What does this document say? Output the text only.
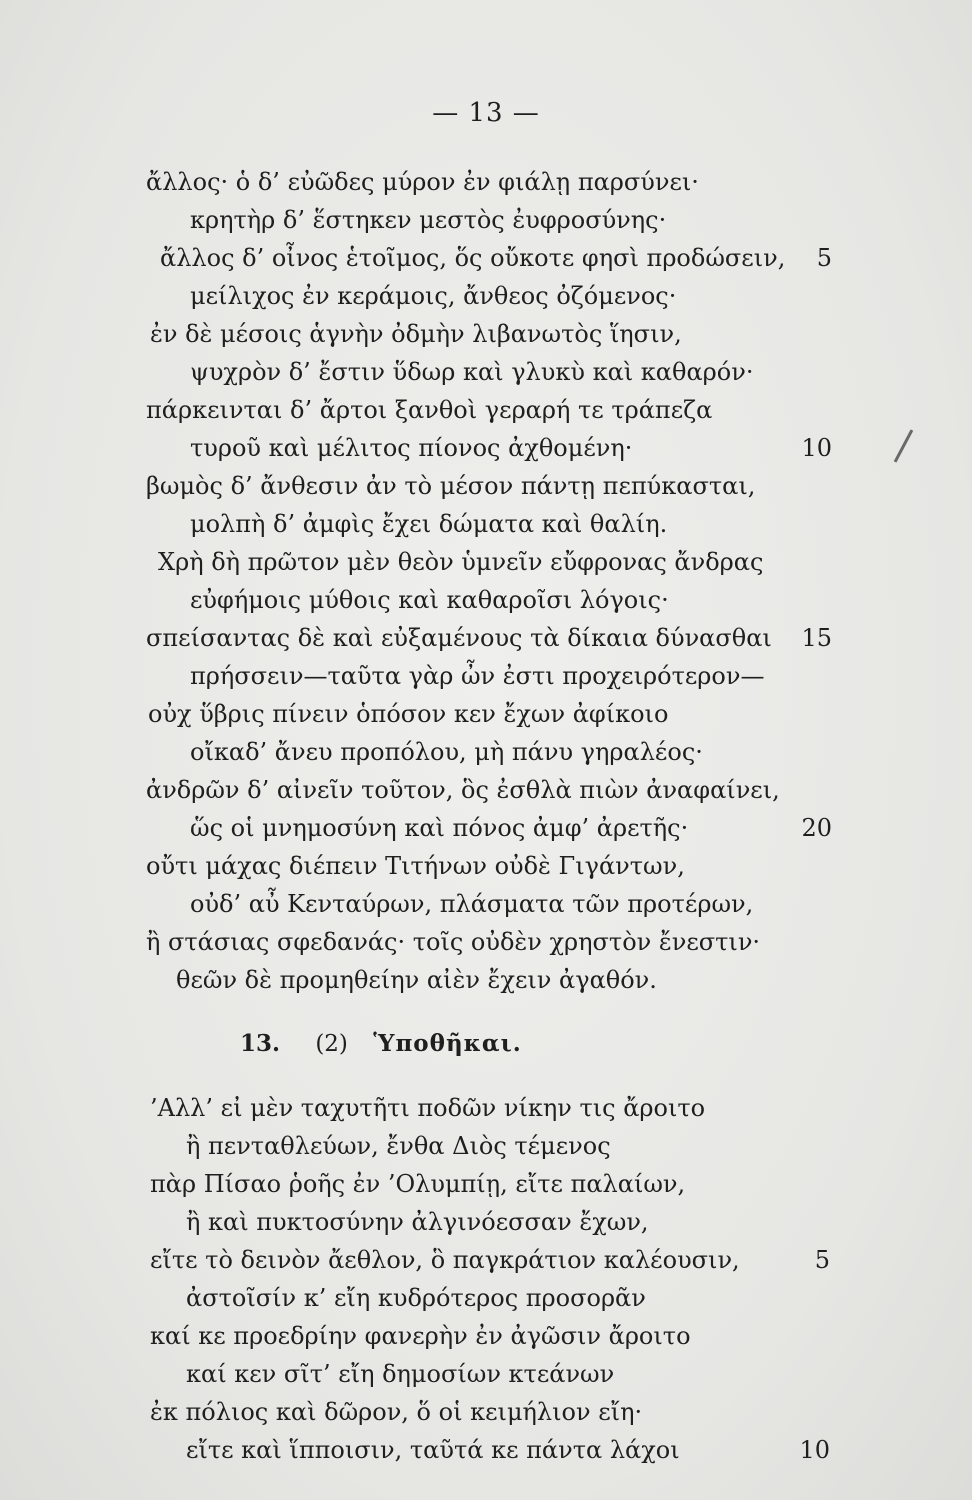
— 13 —
ἄλλος· ὁ δ’ εὐῶδες μύρον ἐν φιάλῃ παρσύνει·
κρητὴρ δ’ ἕστηκεν μεστὸς ἐυφροσύνης·
ἄλλος δ’ οἶνος ἑτοῖμος, ὅς οὔκοτε φησὶ προδώσειν,
μείλιχος ἐν κεράμοις, ἄνθεος ὀζόμενος·
ἐν δὲ μέσοις ἁγνὴν ὀδμὴν λιβανωτὸς ἵησιν,
ψυχρὸν δ’ ἔστιν ὕδωρ καὶ γλυκὺ καὶ καθαρόν·
πάρκεινται δ’ ἄρτοι ξανθοὶ γεραρή τε τράπεζα
τυροῦ καὶ μέλιτος πίονος ἀχθομένη·
βωμὸς δ’ ἄνθεσιν ἀν τὸ μέσον πάντῃ πεπύκασται,
μολπὴ δ’ ἀμφὶς ἔχει δώματα καὶ θαλίη.
Χρὴ δὴ πρῶτον μὲν θεὸν ὑμνεῖν εὔφρονας ἄνδρας
εὐφήμοις μύθοις καὶ καθαροῖσι λόγοις·
σπείσαντας δὲ καὶ εὐξαμένους τὰ δίκαια δύνασθαι
πρήσσειν—ταῦτα γὰρ ὦν ἐστι προχειρότερον—
οὐχ ὕβρις πίνειν ὁπόσον κεν ἔχων ἀφίκοιο
οἴκαδ’ ἄνευ προπόλου, μὴ πάνυ γηραλέος·
ἀνδρῶν δ’ αἰνεῖν τοῦτον, ὃς ἐσθλὰ πιὼν ἀναφαίνει,
ὥς οἱ μνημοσύνη καὶ πόνος ἀμφ’ ἀρετῆς·
οὔτι μάχας διέπειν Τιτήνων οὐδὲ Γιγάντων,
οὐδ’ αὖ Κενταύρων, πλάσματα τῶν προτέρων,
ἢ στάσιας σφεδανάς· τοῖς οὐδὲν χρηστὸν ἔνεστιν·
θεῶν δὲ προμηθείην αἰὲν ἔχειν ἀγαθόν.
5
10
15
20
13. (2) Ὑποθῆκαι.
’Αλλ’ εἰ μὲν ταχυτῆτι ποδῶν νίκην τις ἄροιτο
ἢ πενταθλεύων, ἔνθα Διὸς τέμενος
πὰρ Πίσαο ῥοῆς ἐν ’Ολυμπίῃ, εἴτε παλαίων,
ἢ καὶ πυκτοσύνην ἀλγινόεσσαν ἔχων,
εἴτε τὸ δεινὸν ἄεθλον, ὃ παγκράτιον καλέουσιν,
ἀστοῖσίν κ’ εἴη κυδρότερος προσορᾶν
καί κε προεδρίην φανερὴν ἐν ἀγῶσιν ἄροιτο
καί κεν σῖτ’ εἴη δημοσίων κτεάνων
ἐκ πόλιος καὶ δῶρον, ὅ οἱ κειμήλιον εἴη·
εἴτε καὶ ἵπποισιν, ταῦτά κε πάντα λάχοι
5
10
